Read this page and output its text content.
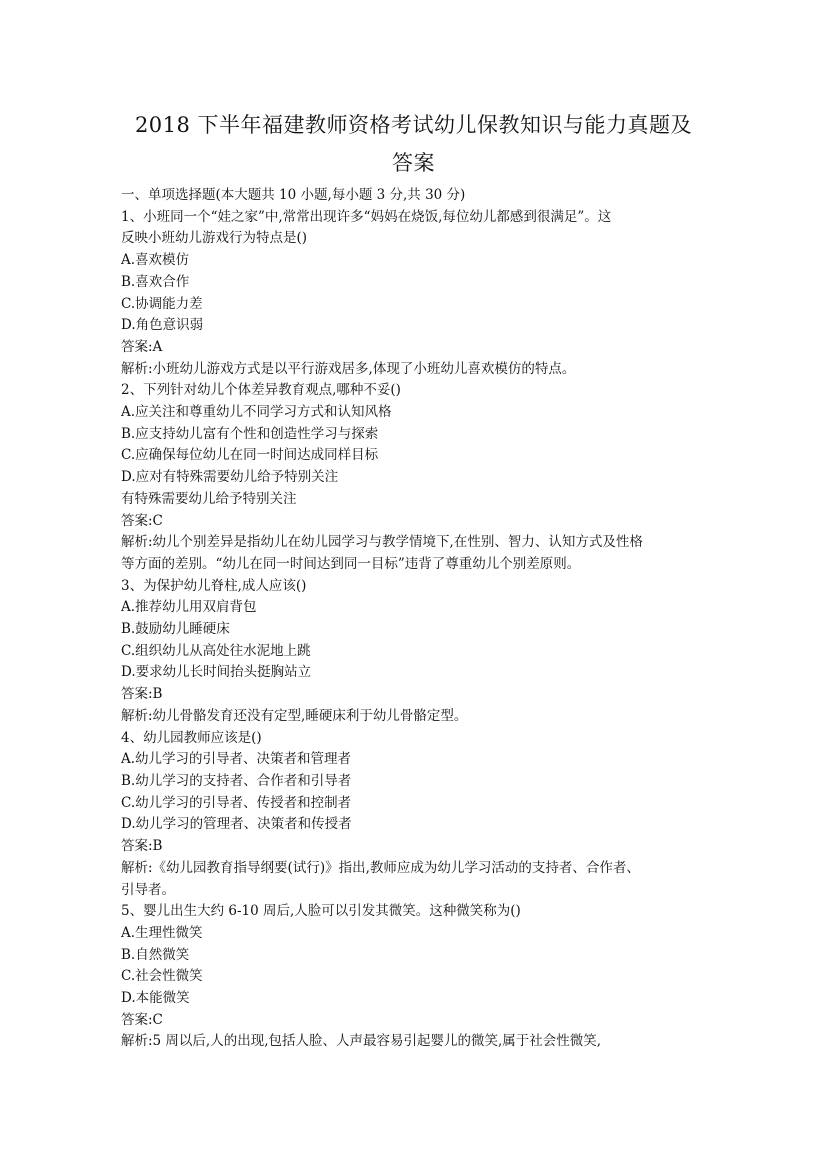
2018 下半年福建教师资格考试幼儿保教知识与能力真题及
答案
一、单项选择题(本大题共 10 小题,每小题 3 分,共 30 分)
1、小班同一个“娃之家”中,常常出现许多“妈妈在烧饭,每位幼儿都感到很满足”。这
反映小班幼儿游戏行为特点是()
A.喜欢模仿
B.喜欢合作
C.协调能力差
D.角色意识弱
答案:A
解析:小班幼儿游戏方式是以平行游戏居多,体现了小班幼儿喜欢模仿的特点。
2、下列针对幼儿个体差异教育观点,哪种不妥()
A.应关注和尊重幼儿不同学习方式和认知风格
B.应支持幼儿富有个性和创造性学习与探索
C.应确保每位幼儿在同一时间达成同样目标
D.应对有特殊需要幼儿给予特别关注
有特殊需要幼儿给予特别关注
答案:C
解析:幼儿个别差异是指幼儿在幼儿园学习与教学情境下,在性别、智力、认知方式及性格
等方面的差别。“幼儿在同一时间达到同一目标”违背了尊重幼儿个别差原则。
3、为保护幼儿脊柱,成人应该()
A.推荐幼儿用双肩背包
B.鼓励幼儿睡硬床
C.组织幼儿从高处往水泥地上跳
D.要求幼儿长时间抬头挺胸站立
答案:B
解析:幼儿骨骼发育还没有定型,睡硬床利于幼儿骨骼定型。
4、幼儿园教师应该是()
A.幼儿学习的引导者、决策者和管理者
B.幼儿学习的支持者、合作者和引导者
C.幼儿学习的引导者、传授者和控制者
D.幼儿学习的管理者、决策者和传授者
答案:B
解析:《幼儿园教育指导纲要(试行)》指出,教师应成为幼儿学习活动的支持者、合作者、
引导者。
5、婴儿出生大约 6-10 周后,人脸可以引发其微笑。这种微笑称为()
A.生理性微笑
B.自然微笑
C.社会性微笑
D.本能微笑
答案:C
解析:5 周以后,人的出现,包括人脸、人声最容易引起婴儿的微笑,属于社会性微笑,
